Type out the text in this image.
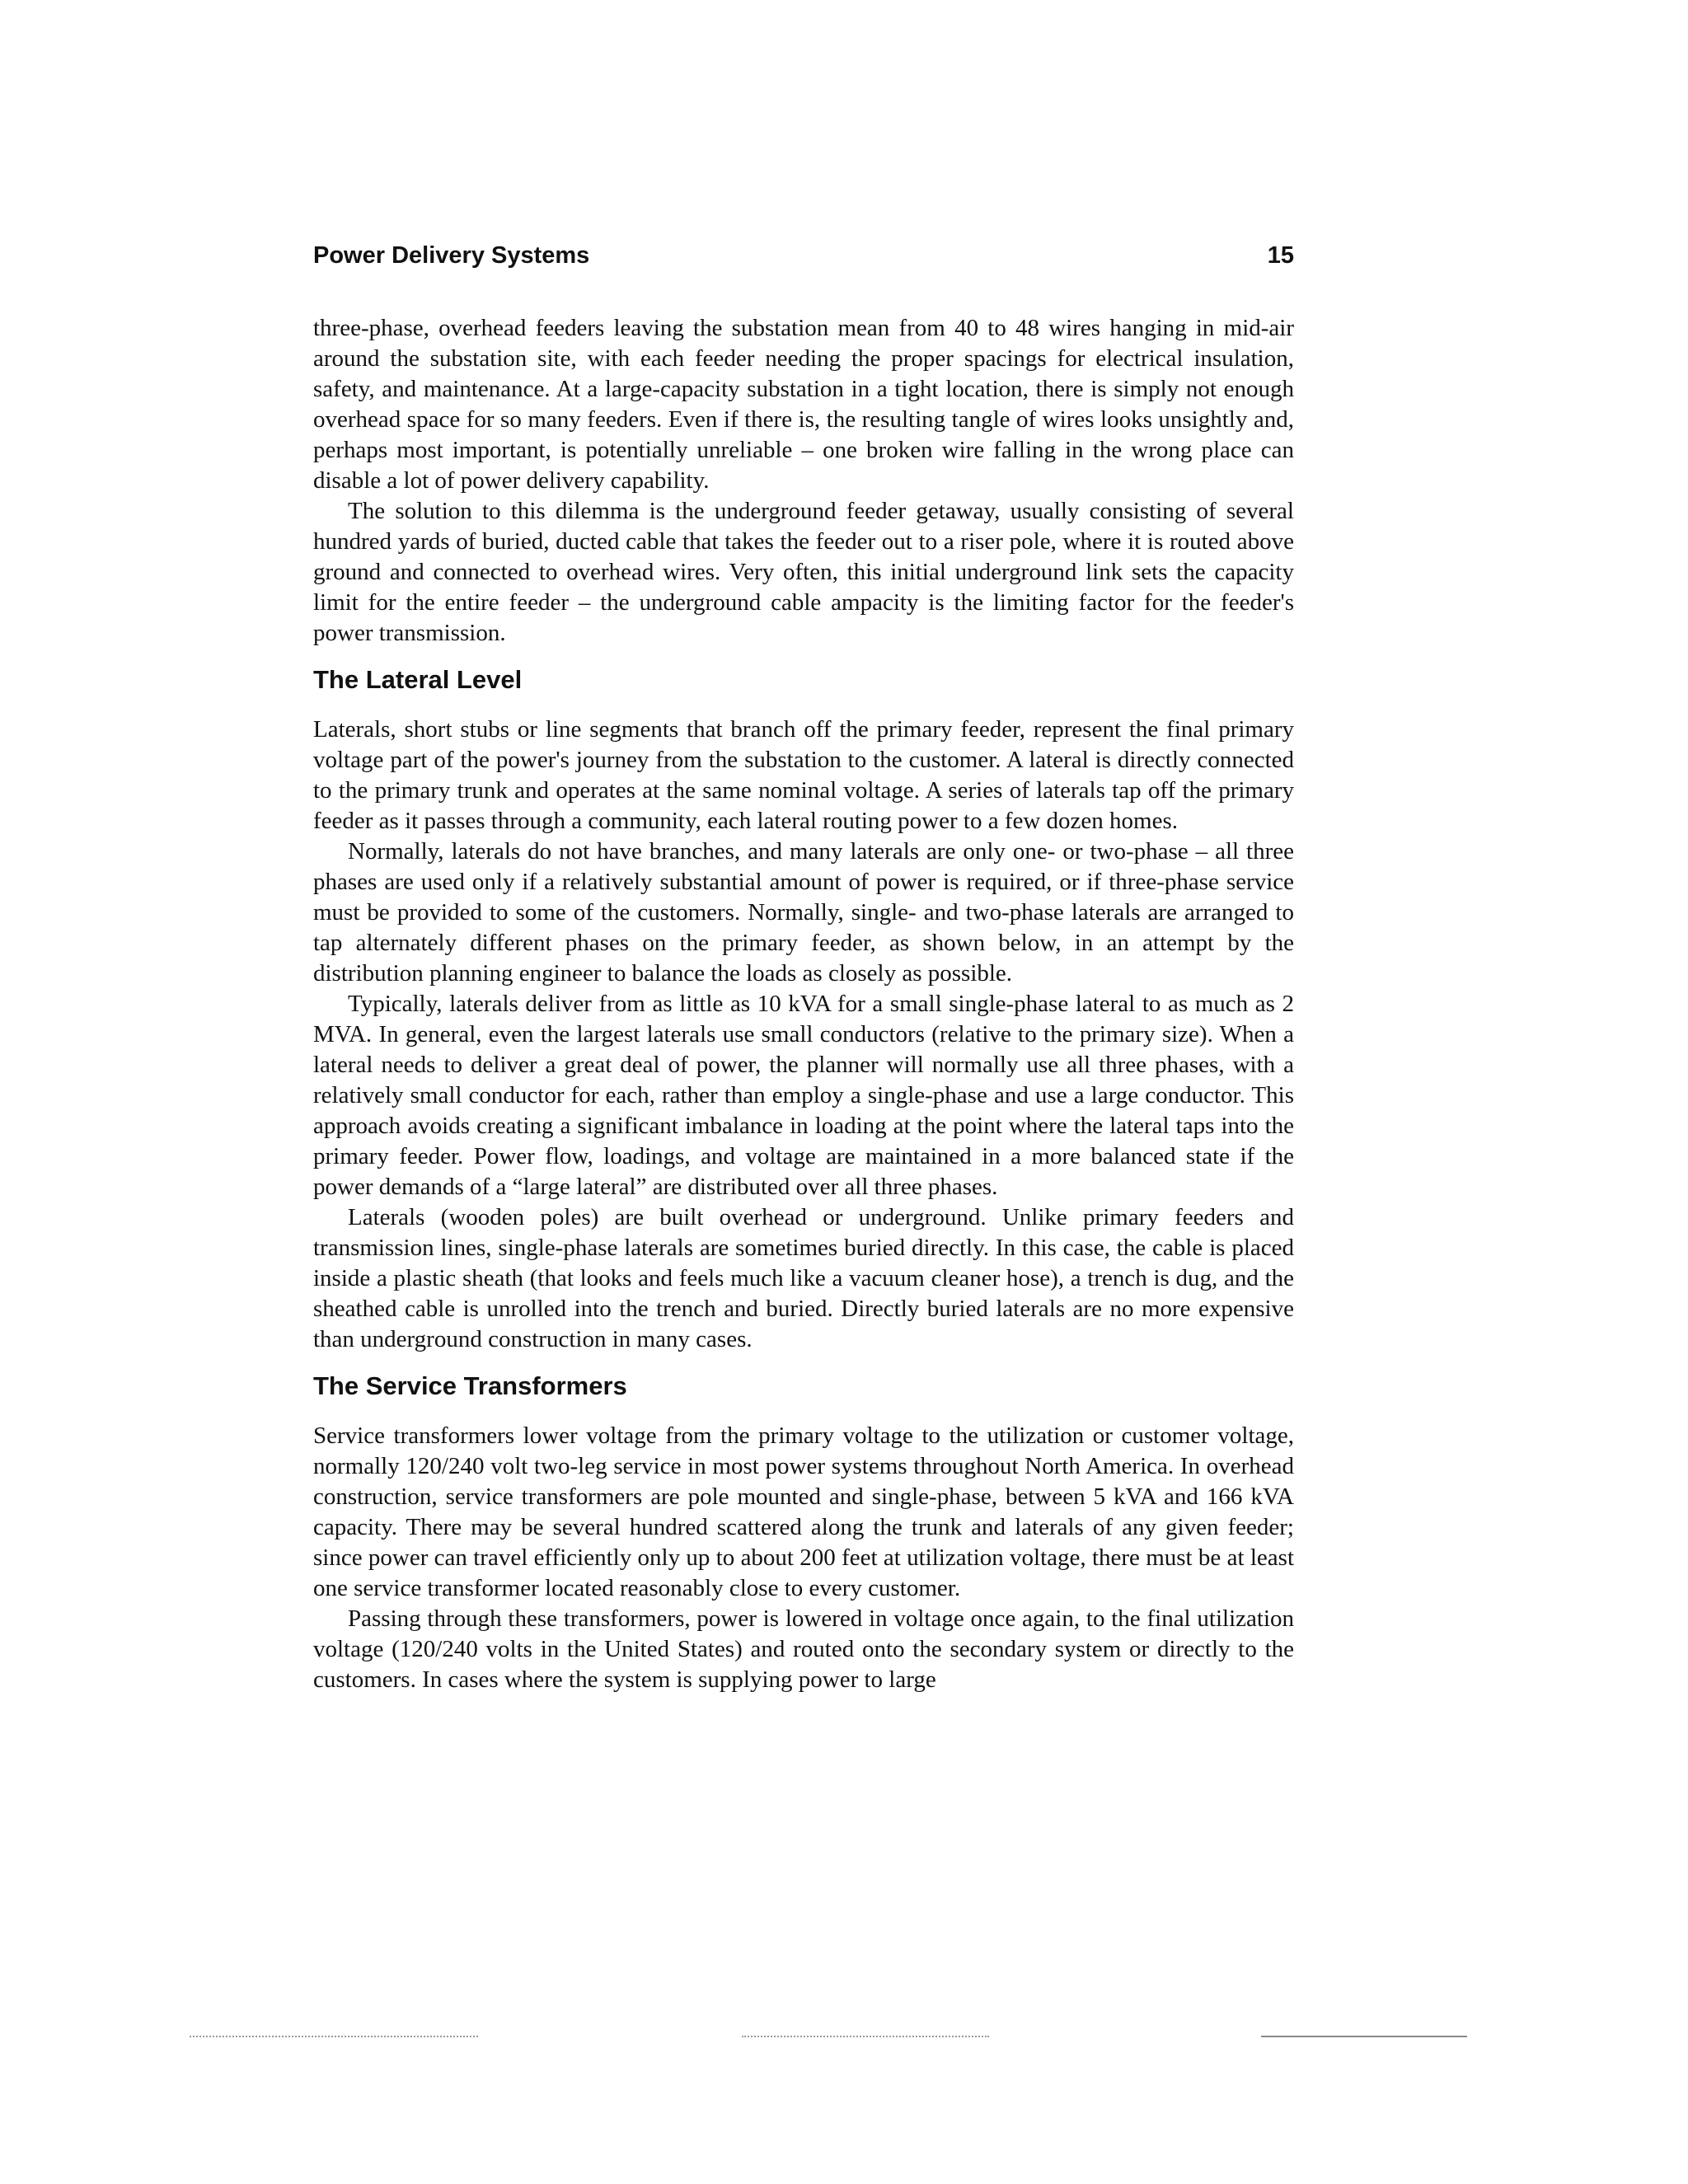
Power Delivery Systems	15

three-phase, overhead feeders leaving the substation mean from 40 to 48 wires hanging in mid-air around the substation site, with each feeder needing the proper spacings for electrical insulation, safety, and maintenance. At a large-capacity substation in a tight location, there is simply not enough overhead space for so many feeders. Even if there is, the resulting tangle of wires looks unsightly and, perhaps most important, is potentially unreliable – one broken wire falling in the wrong place can disable a lot of power delivery capability.

The solution to this dilemma is the underground feeder getaway, usually consisting of several hundred yards of buried, ducted cable that takes the feeder out to a riser pole, where it is routed above ground and connected to overhead wires. Very often, this initial underground link sets the capacity limit for the entire feeder – the underground cable ampacity is the limiting factor for the feeder's power transmission.

The Lateral Level

Laterals, short stubs or line segments that branch off the primary feeder, represent the final primary voltage part of the power's journey from the substation to the customer. A lateral is directly connected to the primary trunk and operates at the same nominal voltage. A series of laterals tap off the primary feeder as it passes through a community, each lateral routing power to a few dozen homes.

Normally, laterals do not have branches, and many laterals are only one- or two-phase – all three phases are used only if a relatively substantial amount of power is required, or if three-phase service must be provided to some of the customers. Normally, single- and two-phase laterals are arranged to tap alternately different phases on the primary feeder, as shown below, in an attempt by the distribution planning engineer to balance the loads as closely as possible.

Typically, laterals deliver from as little as 10 kVA for a small single-phase lateral to as much as 2 MVA. In general, even the largest laterals use small conductors (relative to the primary size). When a lateral needs to deliver a great deal of power, the planner will normally use all three phases, with a relatively small conductor for each, rather than employ a single-phase and use a large conductor. This approach avoids creating a significant imbalance in loading at the point where the lateral taps into the primary feeder. Power flow, loadings, and voltage are maintained in a more balanced state if the power demands of a “large lateral” are distributed over all three phases.

Laterals (wooden poles) are built overhead or underground. Unlike primary feeders and transmission lines, single-phase laterals are sometimes buried directly. In this case, the cable is placed inside a plastic sheath (that looks and feels much like a vacuum cleaner hose), a trench is dug, and the sheathed cable is unrolled into the trench and buried. Directly buried laterals are no more expensive than underground construction in many cases.

The Service Transformers

Service transformers lower voltage from the primary voltage to the utilization or customer voltage, normally 120/240 volt two-leg service in most power systems throughout North America. In overhead construction, service transformers are pole mounted and single-phase, between 5 kVA and 166 kVA capacity. There may be several hundred scattered along the trunk and laterals of any given feeder; since power can travel efficiently only up to about 200 feet at utilization voltage, there must be at least one service transformer located reasonably close to every customer.

Passing through these transformers, power is lowered in voltage once again, to the final utilization voltage (120/240 volts in the United States) and routed onto the secondary system or directly to the customers. In cases where the system is supplying power to large
